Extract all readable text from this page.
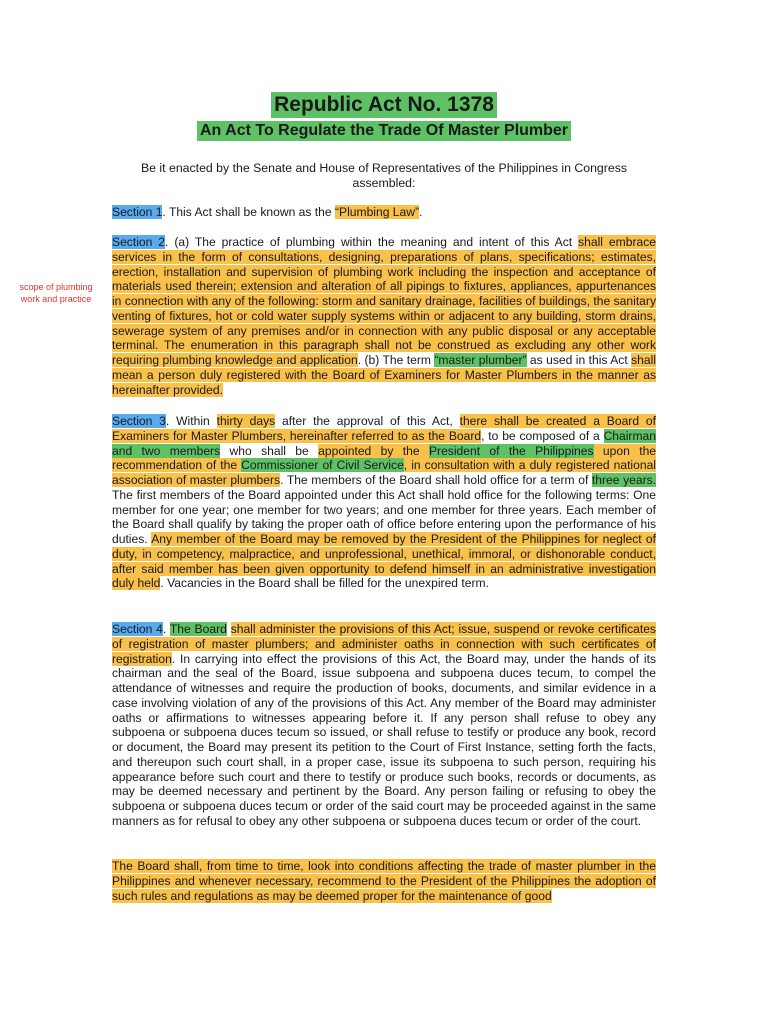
Republic Act No. 1378
An Act To Regulate the Trade Of Master Plumber

Be it enacted by the Senate and House of Representatives of the Philippines in Congress assembled:

scope of plumbing work and practice

Section 1. This Act shall be known as the “Plumbing Law”.

Section 2. (a) The practice of plumbing within the meaning and intent of this Act shall embrace services in the form of consultations, designing, preparations of plans, specifications; estimates, erection, installation and supervision of plumbing work including the inspection and acceptance of materials used therein; extension and alteration of all pipings to fixtures, appliances, appurtenances in connection with any of the following: storm and sanitary drainage, facilities of buildings, the sanitary venting of fixtures, hot or cold water supply systems within or adjacent to any building, storm drains, sewerage system of any premises and/or in connection with any public disposal or any acceptable terminal. The enumeration in this paragraph shall not be construed as excluding any other work requiring plumbing knowledge and application. (b) The term “master plumber” as used in this Act shall mean a person duly registered with the Board of Examiners for Master Plumbers in the manner as hereinafter provided.

Section 3. Within thirty days after the approval of this Act, there shall be created a Board of Examiners for Master Plumbers, hereinafter referred to as the Board, to be composed of a Chairman and two members who shall be appointed by the President of the Philippines upon the recommendation of the Commissioner of Civil Service, in consultation with a duly registered national association of master plumbers. The members of the Board shall hold office for a term of three years. The first members of the Board appointed under this Act shall hold office for the following terms: One member for one year; one member for two years; and one member for three years. Each member of the Board shall qualify by taking the proper oath of office before entering upon the performance of his duties. Any member of the Board may be removed by the President of the Philippines for neglect of duty, in competency, malpractice, and unprofessional, unethical, immoral, or dishonorable conduct, after said member has been given opportunity to defend himself in an administrative investigation duly held. Vacancies in the Board shall be filled for the unexpired term.

Section 4. The Board shall administer the provisions of this Act; issue, suspend or revoke certificates of registration of master plumbers; and administer oaths in connection with such certificates of registration. In carrying into effect the provisions of this Act, the Board may, under the hands of its chairman and the seal of the Board, issue subpoena and subpoena duces tecum, to compel the attendance of witnesses and require the production of books, documents, and similar evidence in a case involving violation of any of the provisions of this Act. Any member of the Board may administer oaths or affirmations to witnesses appearing before it. If any person shall refuse to obey any subpoena or subpoena duces tecum so issued, or shall refuse to testify or produce any book, record or document, the Board may present its petition to the Court of First Instance, setting forth the facts, and thereupon such court shall, in a proper case, issue its subpoena to such person, requiring his appearance before such court and there to testify or produce such books, records or documents, as may be deemed necessary and pertinent by the Board. Any person failing or refusing to obey the subpoena or subpoena duces tecum or order of the said court may be proceeded against in the same manners as for refusal to obey any other subpoena or subpoena duces tecum or order of the court.

The Board shall, from time to time, look into conditions affecting the trade of master plumber in the Philippines and whenever necessary, recommend to the President of the Philippines the adoption of such rules and regulations as may be deemed proper for the maintenance of good
